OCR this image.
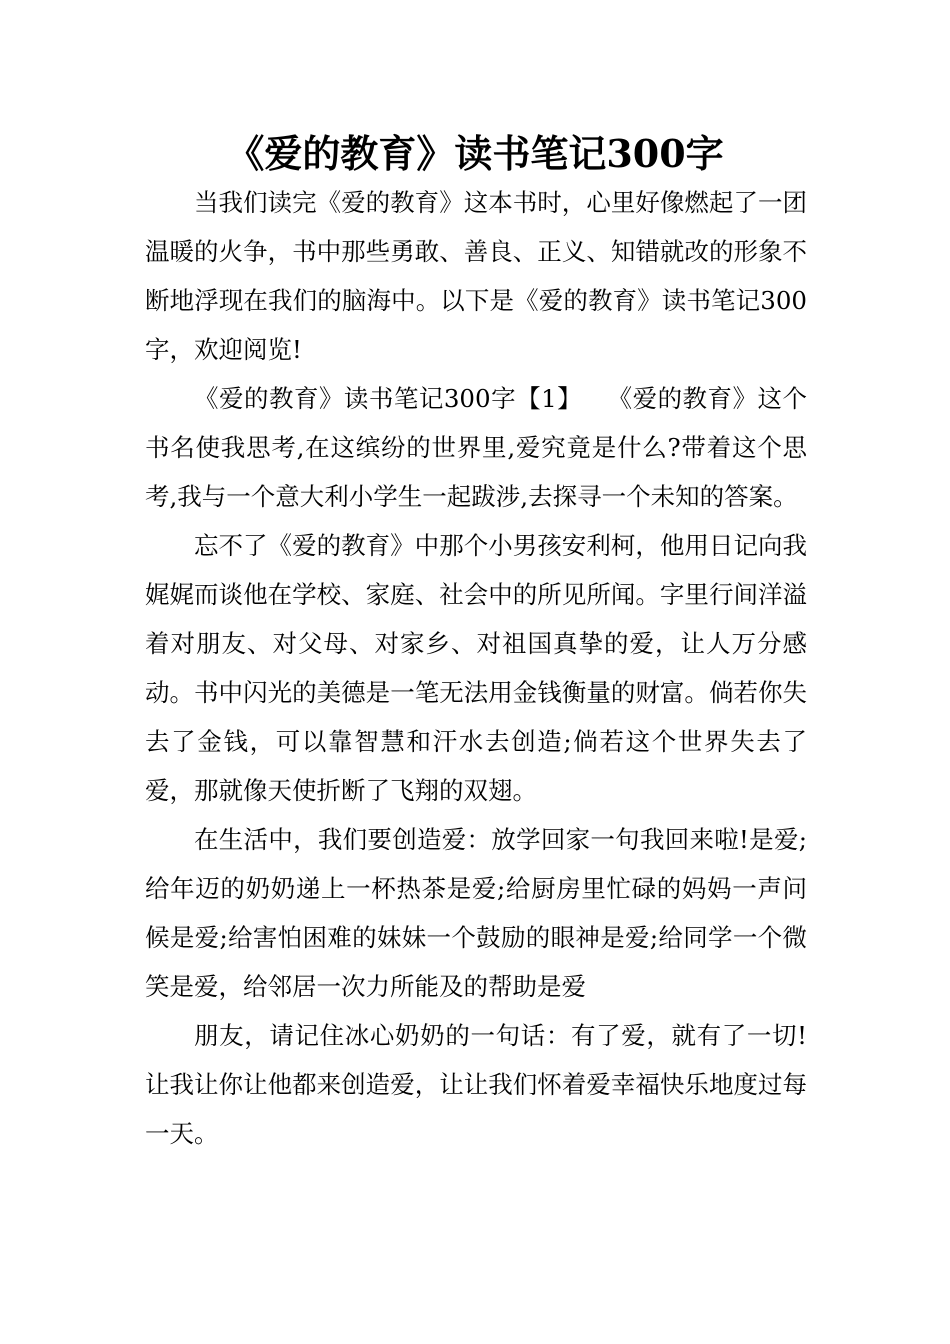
《爱的教育》读书笔记300字

当我们读完《爱的教育》这本书时，心里好像燃起了一团温暖的火争，书中那些勇敢、善良、正义、知错就改的形象不断地浮现在我们的脑海中。以下是《爱的教育》读书笔记300字，欢迎阅览!

《爱的教育》读书笔记300字【1】　　《爱的教育》这个书名使我思考,在这缤纷的世界里,爱究竟是什么?带着这个思考,我与一个意大利小学生一起跋涉,去探寻一个未知的答案。

忘不了《爱的教育》中那个小男孩安利柯，他用日记向我娓娓而谈他在学校、家庭、社会中的所见所闻。字里行间洋溢着对朋友、对父母、对家乡、对祖国真挚的爱，让人万分感动。书中闪光的美德是一笔无法用金钱衡量的财富。倘若你失去了金钱，可以靠智慧和汗水去创造;倘若这个世界失去了爱，那就像天使折断了飞翔的双翅。

在生活中，我们要创造爱：放学回家一句我回来啦!是爱;给年迈的奶奶递上一杯热茶是爱;给厨房里忙碌的妈妈一声问候是爱;给害怕困难的妹妹一个鼓励的眼神是爱;给同学一个微笑是爱，给邻居一次力所能及的帮助是爱

朋友，请记住冰心奶奶的一句话：有了爱，就有了一切!让我让你让他都来创造爱，让让我们怀着爱幸福快乐地度过每一天。
